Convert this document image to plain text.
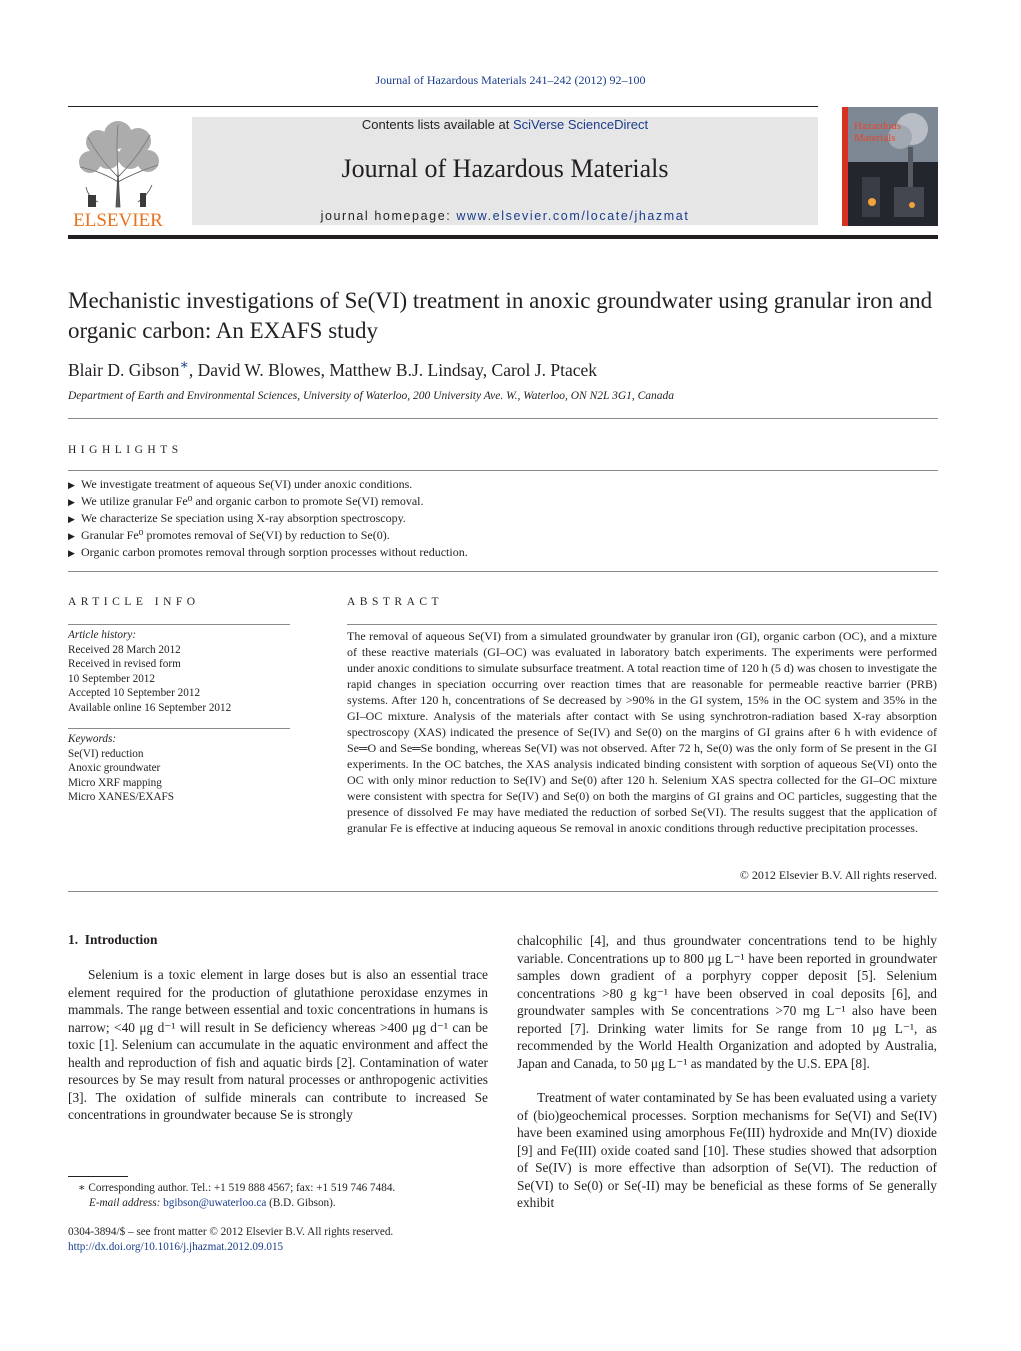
Journal of Hazardous Materials 241–242 (2012) 92–100
ELSEVIER
Contents lists available at SciVerse ScienceDirect
Journal of Hazardous Materials
journal homepage: www.elsevier.com/locate/jhazmat
Hazardous
Materials
Mechanistic investigations of Se(VI) treatment in anoxic groundwater using granular iron and organic carbon: An EXAFS study
Blair D. Gibson∗, David W. Blowes, Matthew B.J. Lindsay, Carol J. Ptacek
Department of Earth and Environmental Sciences, University of Waterloo, 200 University Ave. W., Waterloo, ON N2L 3G1, Canada
HIGHLIGHTS
▶ We investigate treatment of aqueous Se(VI) under anoxic conditions.
▶ We utilize granular Fe⁰ and organic carbon to promote Se(VI) removal.
▶ We characterize Se speciation using X-ray absorption spectroscopy.
▶ Granular Fe⁰ promotes removal of Se(VI) by reduction to Se(0).
▶ Organic carbon promotes removal through sorption processes without reduction.
ARTICLE INFO
Article history:
Received 28 March 2012
Received in revised form
10 September 2012
Accepted 10 September 2012
Available online 16 September 2012
Keywords:
Se(VI) reduction
Anoxic groundwater
Micro XRF mapping
Micro XANES/EXAFS
ABSTRACT
The removal of aqueous Se(VI) from a simulated groundwater by granular iron (GI), organic carbon (OC), and a mixture of these reactive materials (GI–OC) was evaluated in laboratory batch experiments. The experiments were performed under anoxic conditions to simulate subsurface treatment. A total reaction time of 120 h (5 d) was chosen to investigate the rapid changes in speciation occurring over reaction times that are reasonable for permeable reactive barrier (PRB) systems. After 120 h, concentrations of Se decreased by >90% in the GI system, 15% in the OC system and 35% in the GI–OC mixture. Analysis of the materials after contact with Se using synchrotron-radiation based X-ray absorption spectroscopy (XAS) indicated the presence of Se(IV) and Se(0) on the margins of GI grains after 6 h with evidence of Se═O and Se═Se bonding, whereas Se(VI) was not observed. After 72 h, Se(0) was the only form of Se present in the GI experiments. In the OC batches, the XAS analysis indicated binding consistent with sorption of aqueous Se(VI) onto the OC with only minor reduction to Se(IV) and Se(0) after 120 h. Selenium XAS spectra collected for the GI–OC mixture were consistent with spectra for Se(IV) and Se(0) on both the margins of GI grains and OC particles, suggesting that the presence of dissolved Fe may have mediated the reduction of sorbed Se(VI). The results suggest that the application of granular Fe is effective at inducing aqueous Se removal in anoxic conditions through reductive precipitation processes.
© 2012 Elsevier B.V. All rights reserved.
1. Introduction
Selenium is a toxic element in large doses but is also an essential trace element required for the production of glutathione peroxidase enzymes in mammals. The range between essential and toxic concentrations in humans is narrow; <40 μg d⁻¹ will result in Se deficiency whereas >400 μg d⁻¹ can be toxic [1]. Selenium can accumulate in the aquatic environment and affect the health and reproduction of fish and aquatic birds [2]. Contamination of water resources by Se may result from natural processes or anthropogenic activities [3]. The oxidation of sulfide minerals can contribute to increased Se concentrations in groundwater because Se is strongly
chalcophilic [4], and thus groundwater concentrations tend to be highly variable. Concentrations up to 800 μg L⁻¹ have been reported in groundwater samples down gradient of a porphyry copper deposit [5]. Selenium concentrations >80 g kg⁻¹ have been observed in coal deposits [6], and groundwater samples with Se concentrations >70 mg L⁻¹ also have been reported [7]. Drinking water limits for Se range from 10 μg L⁻¹, as recommended by the World Health Organization and adopted by Australia, Japan and Canada, to 50 μg L⁻¹ as mandated by the U.S. EPA [8].
Treatment of water contaminated by Se has been evaluated using a variety of (bio)geochemical processes. Sorption mechanisms for Se(VI) and Se(IV) have been examined using amorphous Fe(III) hydroxide and Mn(IV) dioxide [9] and Fe(III) oxide coated sand [10]. These studies showed that adsorption of Se(IV) is more effective than adsorption of Se(VI). The reduction of Se(VI) to Se(0) or Se(-II) may be beneficial as these forms of Se generally exhibit
∗ Corresponding author. Tel.: +1 519 888 4567; fax: +1 519 746 7484.
E-mail address: bgibson@uwaterloo.ca (B.D. Gibson).
0304-3894/$ – see front matter © 2012 Elsevier B.V. All rights reserved.
http://dx.doi.org/10.1016/j.jhazmat.2012.09.015
